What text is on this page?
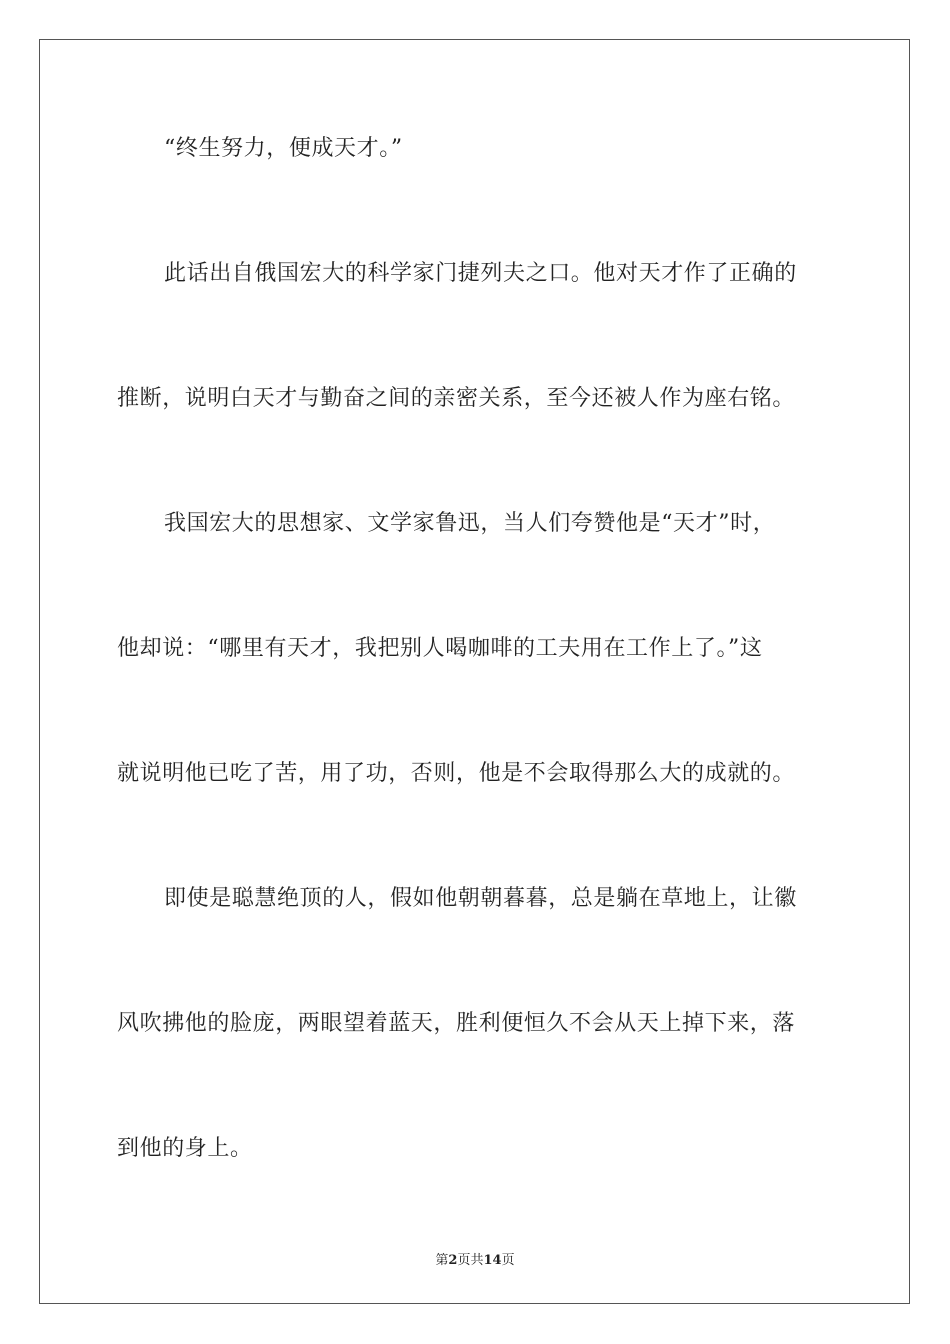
“终生努力，便成天才。”
此话出自俄国宏大的科学家门捷列夫之口。他对天才作了正确的
推断，说明白天才与勤奋之间的亲密关系，至今还被人作为座右铭。
我国宏大的思想家、文学家鲁迅，当人们夸赞他是“天才”时，
他却说：“哪里有天才，我把别人喝咖啡的工夫用在工作上了。”这
就说明他已吃了苦，用了功，否则，他是不会取得那么大的成就的。
即使是聪慧绝顶的人，假如他朝朝暮暮，总是躺在草地上，让徽
风吹拂他的脸庞，两眼望着蓝天，胜利便恒久不会从天上掉下来，落
到他的身上。
第2页共14页
